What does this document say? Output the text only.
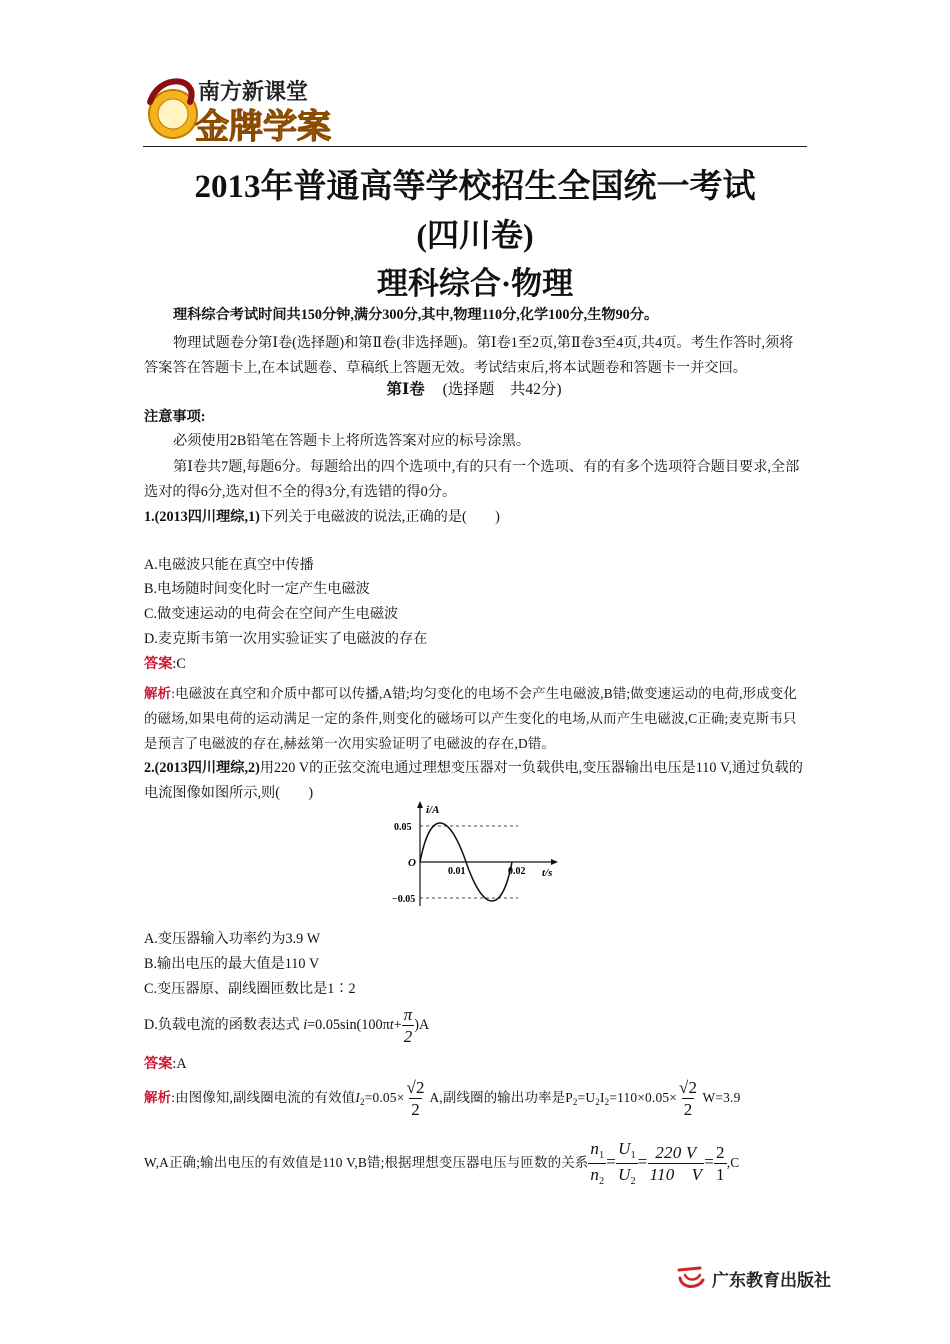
南方新课堂
金牌学案
2013年普通高等学校招生全国统一考试
(四川卷)
理科综合·物理
理科综合考试时间共150分钟,满分300分,其中,物理110分,化学100分,生物90分。
物理试题卷分第Ⅰ卷(选择题)和第Ⅱ卷(非选择题)。第Ⅰ卷1至2页,第Ⅱ卷3至4页,共4页。考生作答时,须将答案答在答题卡上,在本试题卷、草稿纸上答题无效。考试结束后,将本试题卷和答题卡一并交回。
第Ⅰ卷 (选择题　共42分)
注意事项:
必须使用2B铅笔在答题卡上将所选答案对应的标号涂黑。
第Ⅰ卷共7题,每题6分。每题给出的四个选项中,有的只有一个选项、有的有多个选项符合题目要求,全部选对的得6分,选对但不全的得3分,有选错的得0分。
1.(2013四川理综,1)下列关于电磁波的说法,正确的是(　　)
A.电磁波只能在真空中传播
B.电场随时间变化时一定产生电磁波
C.做变速运动的电荷会在空间产生电磁波
D.麦克斯韦第一次用实验证实了电磁波的存在
答案:C
解析:电磁波在真空和介质中都可以传播,A错;均匀变化的电场不会产生电磁波,B错;做变速运动的电荷,形成变化的磁场,如果电荷的运动满足一定的条件,则变化的磁场可以产生变化的电场,从而产生电磁波,C正确;麦克斯韦只是预言了电磁波的存在,赫兹第一次用实验证明了电磁波的存在,D错。
2.(2013四川理综,2)用220 V的正弦交流电通过理想变压器对一负载供电,变压器输出电压是110 V,通过负载的电流图像如图所示,则(　　)
i/A
t/s
O
0.05
−0.05
0.01	0.02
A.变压器输入功率约为3.9 W
B.输出电压的最大值是110 V
C.变压器原、副线圈匝数比是1∶2
D.负载电流的函数表达式 $i=0.05\sin(100\pi t+ \frac{\pi}{2} )A$
答案:A
解析:由图像知,副线圈电流的有效值$I_2=0.05\times \frac{√2}{2} A$,副线圈的输出功率是$P_2=U_2I_2=110\times 0.05\times \frac{√2}{2} W=3.9$
W,A正确;输出电压的有效值是110 V,B错;根据理想变压器电压与匝数的关系 $\frac{n_1}{n_2} = \frac{U_1}{U_2} = \frac{220 V}{110 V} = \frac{2}{1} ,C$
广东教育出版社
